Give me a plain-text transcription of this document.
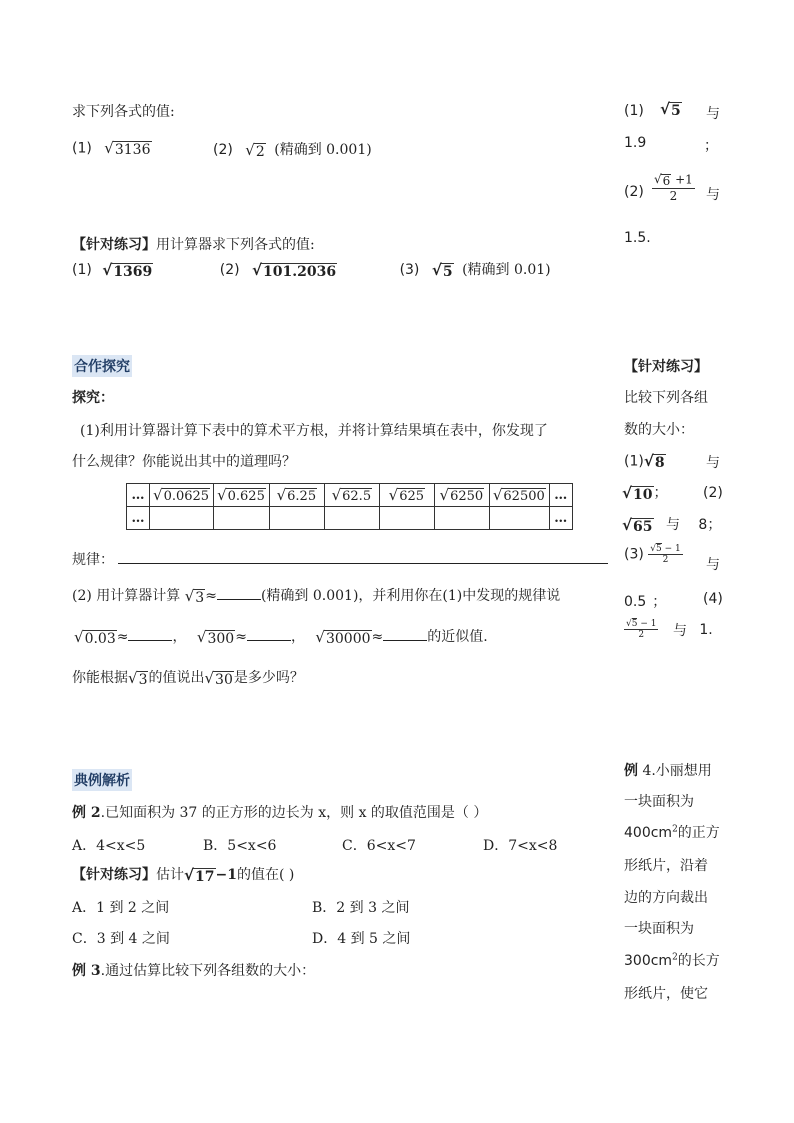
求下列各式的值:
(1) √ 3136	(2) √ 2 (精确到 0.001)
【针对练习】用计算器求下列各式的值:
(1) √ 1369	(2) √ 101.2036	(3) √ 5 (精确到 0.01)
(1) √ 5 与
1.9	；
$(2) \frac{√ 6 +1}{2}$ 与
1.5.
合作探究
探究：
(1)利用计算器计算下表中的算术平方根，并将计算结果填在表中，你发现了
什么规律？你能说出其中的道理吗？
…	√ 0.0625	√ 0.625	√ 6.25	√ 62.5	√ 625	√ 6250	√ 62500	…
…								…
规律：
(2) 用计算器计算 √ 3 ≈	(精确到 0.001)，并利用你在(1)中发现的规律说
√ 0.03 ≈	， √ 300 ≈	， √ 30000 ≈	的近似值.
你能根据 √ 3 的值说出 √ 30 是多少吗？
【针对练习】
比较下列各组
数的大小：
(1) √ 8	与
√ 10 ；	(2)
√ 65 与 8；
$(3) \frac{√5 - 1}{2}$ 与
0.5 ；	(4)
$\frac{√5 - 1}{2}$ 与 1.
典例解析
例 2.已知面积为 37 的正方形的边长为 x，则 x 的取值范围是（ ）
A．4<x<5	B．5<x<6	C．6<x<7	D．7<x<8
【针对练习】估计 √ 17 −1的值在( )
A．1 到 2 之间	B．2 到 3 之间
C．3 到 4 之间	D．4 到 5 之间
例 3.通过估算比较下列各组数的大小：
例 4.小丽想用
一块面积为
$400cm^2$的正方
形纸片，沿着
边的方向裁出
一块面积为
$300cm^2$的长方
形纸片，使它
